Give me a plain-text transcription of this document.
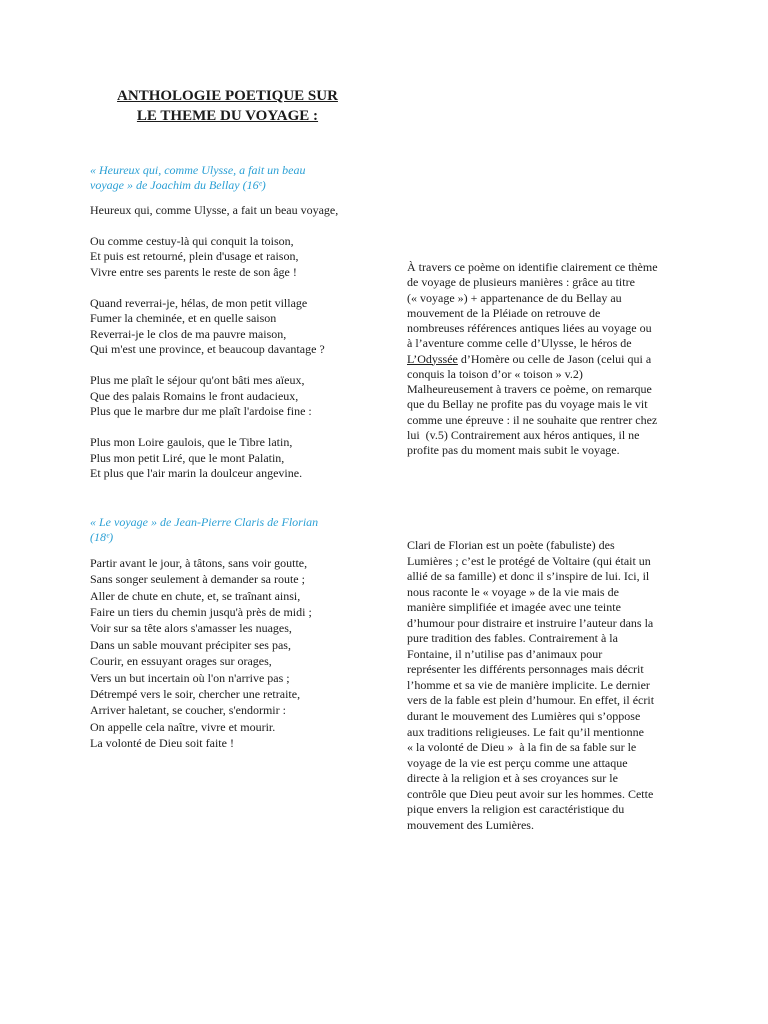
ANTHOLOGIE POETIQUE SUR
LE THEME DU VOYAGE :
« Heureux qui, comme Ulysse, a fait un beau
voyage » de Joachim du Bellay (16ᵉ)
Heureux qui, comme Ulysse, a fait un beau voyage,
Ou comme cestuy-là qui conquit la toison,
Et puis est retourné, plein d'usage et raison,
Vivre entre ses parents le reste de son âge !
Quand reverrai-je, hélas, de mon petit village
Fumer la cheminée, et en quelle saison
Reverrai-je le clos de ma pauvre maison,
Qui m'est une province, et beaucoup davantage ?
Plus me plaît le séjour qu'ont bâti mes aïeux,
Que des palais Romains le front audacieux,
Plus que le marbre dur me plaît l'ardoise fine :
Plus mon Loire gaulois, que le Tibre latin,
Plus mon petit Liré, que le mont Palatin,
Et plus que l'air marin la doulceur angevine.
À travers ce poème on identifie clairement ce thème
de voyage de plusieurs manières : grâce au titre
(« voyage ») + appartenance de du Bellay au
mouvement de la Pléiade on retrouve de
nombreuses références antiques liées au voyage ou
à l’aventure comme celle d’Ulysse, le héros de
L’Odyssée d’Homère ou celle de Jason (celui qui a
conquis la toison d’or « toison » v.2)
Malheureusement à travers ce poème, on remarque
que du Bellay ne profite pas du voyage mais le vit
comme une épreuve : il ne souhaite que rentrer chez
lui  (v.5) Contrairement aux héros antiques, il ne
profite pas du moment mais subit le voyage.
« Le voyage » de Jean-Pierre Claris de Florian
(18ᵉ)
Partir avant le jour, à tâtons, sans voir goutte,
Sans songer seulement à demander sa route ;
Aller de chute en chute, et, se traînant ainsi,
Faire un tiers du chemin jusqu'à près de midi ;
Voir sur sa tête alors s'amasser les nuages,
Dans un sable mouvant précipiter ses pas,
Courir, en essuyant orages sur orages,
Vers un but incertain où l'on n'arrive pas ;
Détrempé vers le soir, chercher une retraite,
Arriver haletant, se coucher, s'endormir :
On appelle cela naître, vivre et mourir.
La volonté de Dieu soit faite !
Clari de Florian est un poète (fabuliste) des
Lumières ; c’est le protégé de Voltaire (qui était un
allié de sa famille) et donc il s’inspire de lui. Ici, il
nous raconte le « voyage » de la vie mais de
manière simplifiée et imagée avec une teinte
d’humour pour distraire et instruire l’auteur dans la
pure tradition des fables. Contrairement à la
Fontaine, il n’utilise pas d’animaux pour
représenter les différents personnages mais décrit
l’homme et sa vie de manière implicite. Le dernier
vers de la fable est plein d’humour. En effet, il écrit
durant le mouvement des Lumières qui s’oppose
aux traditions religieuses. Le fait qu’il mentionne
« la volonté de Dieu »  à la fin de sa fable sur le
voyage de la vie est perçu comme une attaque
directe à la religion et à ses croyances sur le
contrôle que Dieu peut avoir sur les hommes. Cette
pique envers la religion est caractéristique du
mouvement des Lumières.
